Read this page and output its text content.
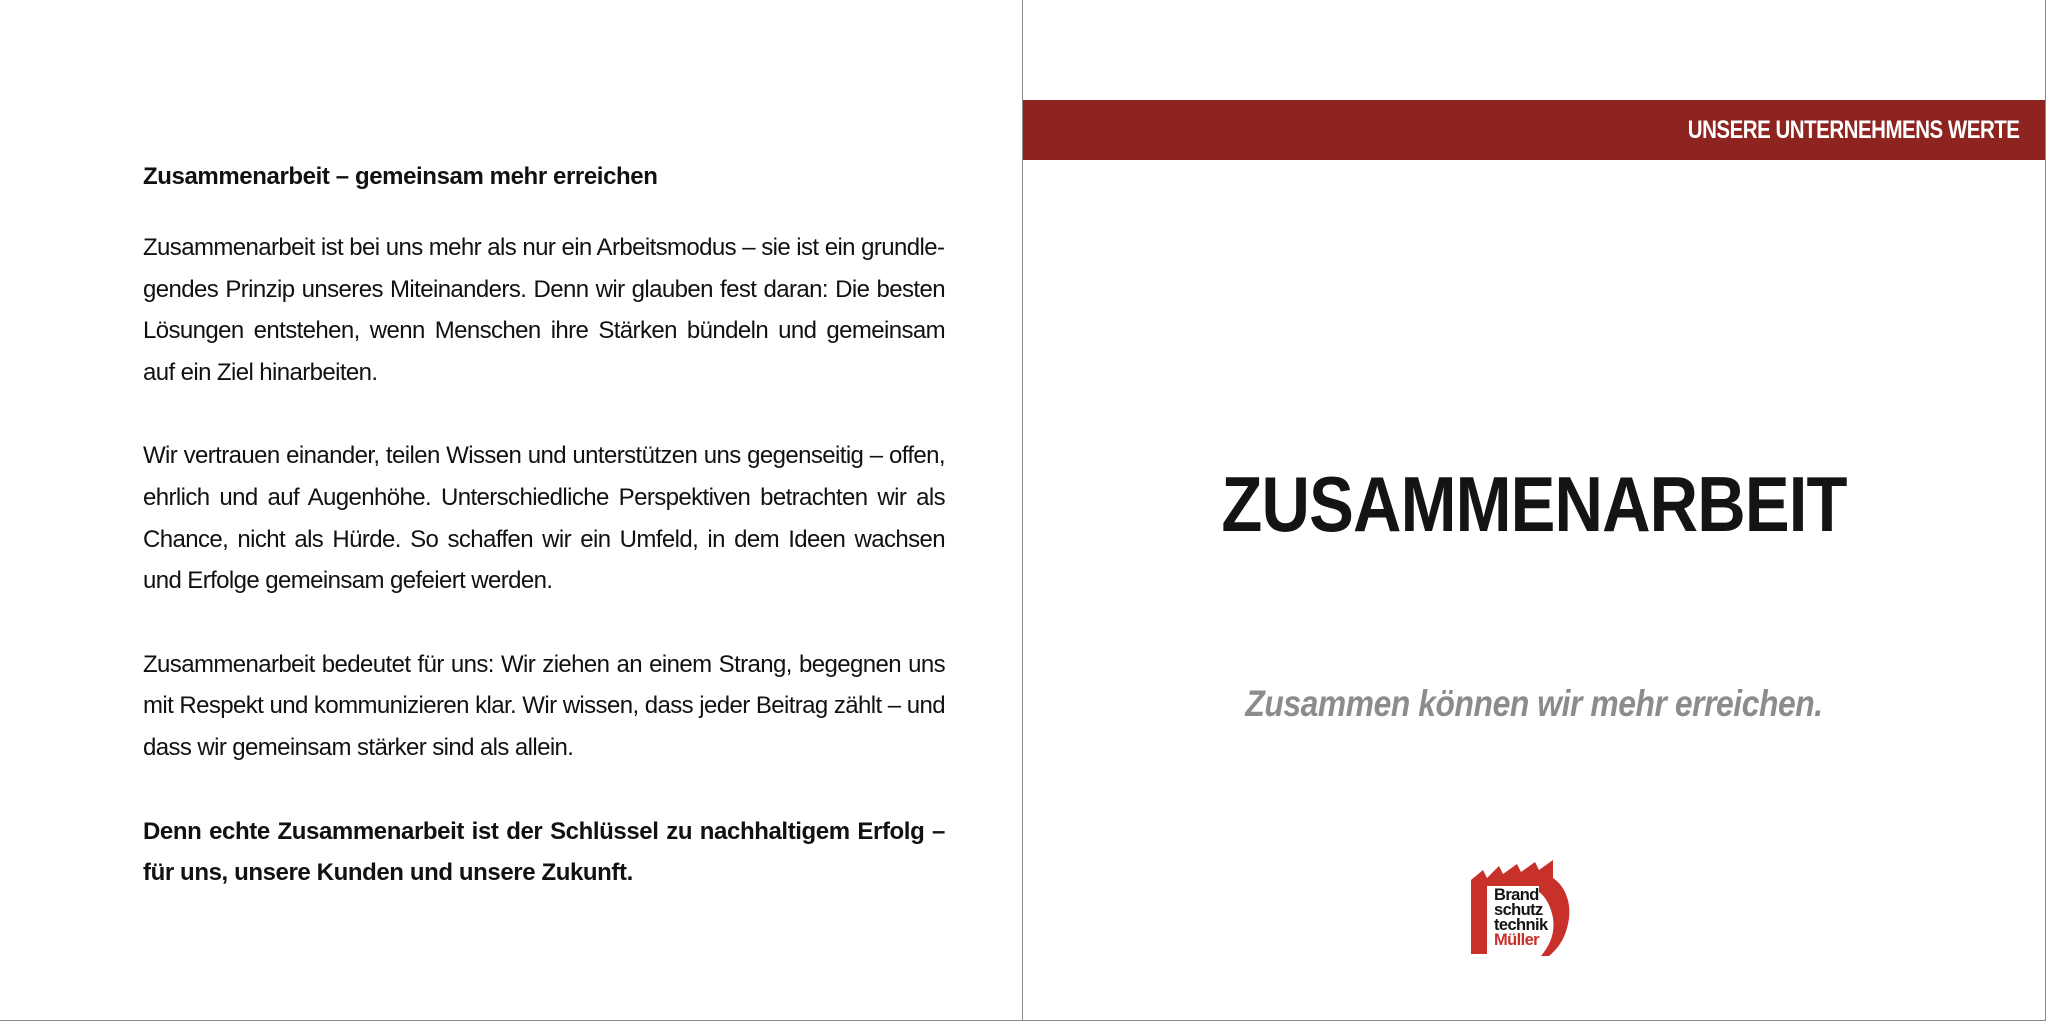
Zusammenarbeit – gemeinsam mehr erreichen

Zusammenarbeit ist bei uns mehr als nur ein Arbeitsmodus – sie ist ein grundlegendes Prinzip unseres Miteinanders. Denn wir glauben fest daran: Die besten Lösungen entstehen, wenn Menschen ihre Stärken bündeln und gemeinsam auf ein Ziel hinarbeiten.

Wir vertrauen einander, teilen Wissen und unterstützen uns gegenseitig – offen, ehrlich und auf Augenhöhe. Unterschiedliche Perspektiven betrachten wir als Chance, nicht als Hürde. So schaffen wir ein Umfeld, in dem Ideen wachsen und Erfolge gemeinsam gefeiert werden.

Zusammenarbeit bedeutet für uns: Wir ziehen an einem Strang, begegnen uns mit Respekt und kommunizieren klar. Wir wissen, dass jeder Beitrag zählt – und dass wir gemeinsam stärker sind als allein.

Denn echte Zusammenarbeit ist der Schlüssel zu nachhaltigem Erfolg – für uns, unsere Kunden und unsere Zukunft.

UNSERE UNTERNEHMENS WERTE
ZUSAMMENARBEIT
Zusammen können wir mehr erreichen.
Brand
schutz
technik
Müller
